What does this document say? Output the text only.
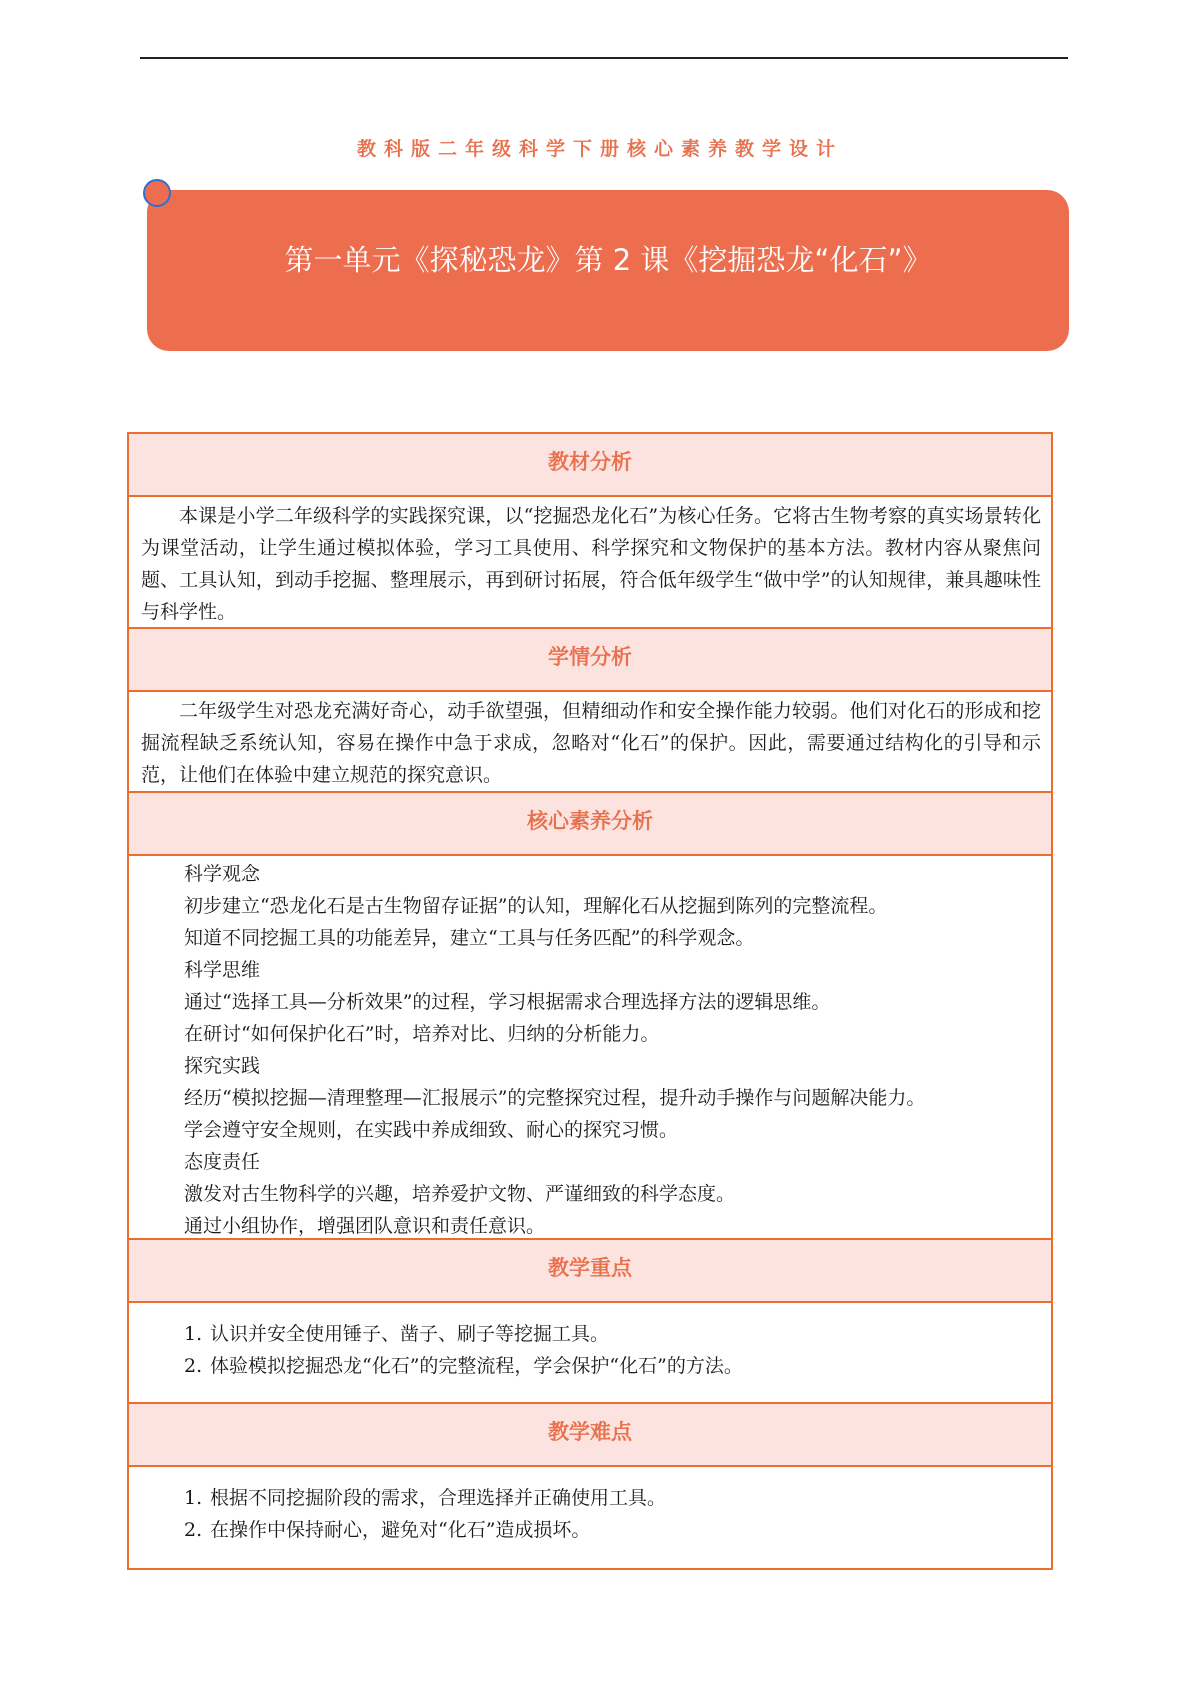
教科版二年级科学下册核心素养教学设计
第一单元《探秘恐龙》第 2 课《挖掘恐龙“化石”》
教材分析

本课是小学二年级科学的实践探究课，以“挖掘恐龙化石”为核心任务。它将古生物考察的真实场景转化为课堂活动，让学生通过模拟体验，学习工具使用、科学探究和文物保护的基本方法。教材内容从聚焦问题、工具认知，到动手挖掘、整理展示，再到研讨拓展，符合低年级学生“做中学”的认知规律，兼具趣味性与科学性。

学情分析

二年级学生对恐龙充满好奇心，动手欲望强，但精细动作和安全操作能力较弱。他们对化石的形成和挖掘流程缺乏系统认知，容易在操作中急于求成，忽略对“化石”的保护。因此，需要通过结构化的引导和示范，让他们在体验中建立规范的探究意识。

核心素养分析

科学观念

初步建立“恐龙化石是古生物留存证据”的认知，理解化石从挖掘到陈列的完整流程。

知道不同挖掘工具的功能差异，建立“工具与任务匹配”的科学观念。

科学思维

通过“选择工具—分析效果”的过程，学习根据需求合理选择方法的逻辑思维。

在研讨“如何保护化石”时，培养对比、归纳的分析能力。

探究实践

经历“模拟挖掘—清理整理—汇报展示”的完整探究过程，提升动手操作与问题解决能力。

学会遵守安全规则，在实践中养成细致、耐心的探究习惯。

态度责任

激发对古生物科学的兴趣，培养爱护文物、严谨细致的科学态度。

通过小组协作，增强团队意识和责任意识。

教学重点

1. 认识并安全使用锤子、凿子、刷子等挖掘工具。

2. 体验模拟挖掘恐龙“化石”的完整流程，学会保护“化石”的方法。

教学难点

1. 根据不同挖掘阶段的需求，合理选择并正确使用工具。

2. 在操作中保持耐心，避免对“化石”造成损坏。
